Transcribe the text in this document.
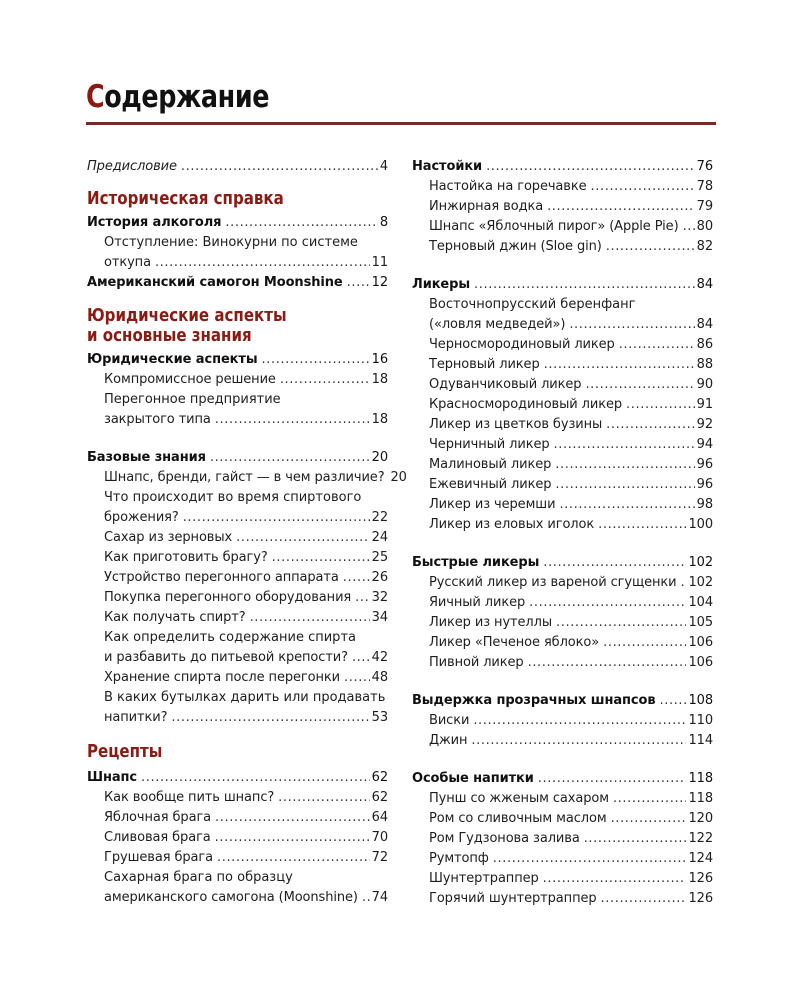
Содержание
Предисловие .....	4
Историческая справка
История алкоголя .....	8
Отступление: Винокурни по системе
откупа .....	11
Американский самогон Moonshine ..... 12
Юридические аспекты
и основные знания
Юридические аспекты .....	16
Компромиссное решение .....	18
Перегонное предприятие
закрытого типа .....	18
Базовые знания .....	20
Шнапс, бренди, гайст — в чем различие? 20
Что происходит во время спиртового
брожения? .....	22
Сахар из зерновых .....	24
Как приготовить брагу? .....	25
Устройство перегонного аппарата .....	26
Покупка перегонного оборудования ..... 32
Как получать спирт? .....	34
Как определить содержание спирта
и разбавить до питьевой крепости? ..... 42
Хранение спирта после перегонки ..... 48
В каких бутылках дарить или продавать
напитки? .....	53
Рецепты
Шнапс .....	62
Как вообще пить шнапс? .....	62
Яблочная брага .....	64
Сливовая брага .....	70
Грушевая брага .....	72
Сахарная брага по образцу
американского самогона (Moonshine) ..... 74
Настойки .....	76
Настойка на горечавке .....	78
Инжирная водка .....	79
Шнапс «Яблочный пирог» (Apple Pie) ..... 80
Терновый джин (Sloe gin) .....	82
Ликеры .....	84
Восточнопрусский беренфанг
(«ловля медведей») .....	84
Черносмородиновый ликер .....	86
Терновый ликер .....	88
Одуванчиковый ликер .....	90
Красносмородиновый ликер .....	91
Ликер из цветков бузины .....	92
Черничный ликер .....	94
Малиновый ликер .....	96
Ежевичный ликер .....	96
Ликер из черемши .....	98
Ликер из еловых иголок .....	100
Быстрые ликеры .....	102
Русский ликер из вареной сгущенки ..... 102
Яичный ликер .....	104
Ликер из нутеллы .....	105
Ликер «Печеное яблоко» .....	106
Пивной ликер .....	106
Выдержка прозрачных шнапсов .....	108
Виски .....	110
Джин .....	114
Особые напитки .....	118
Пунш со жженым сахаром .....	118
Ром со сливочным маслом .....	120
Ром Гудзонова залива .....	122
Румтопф .....	124
Шунтертраппер .....	126
Горячий шунтертраппер .....	126
